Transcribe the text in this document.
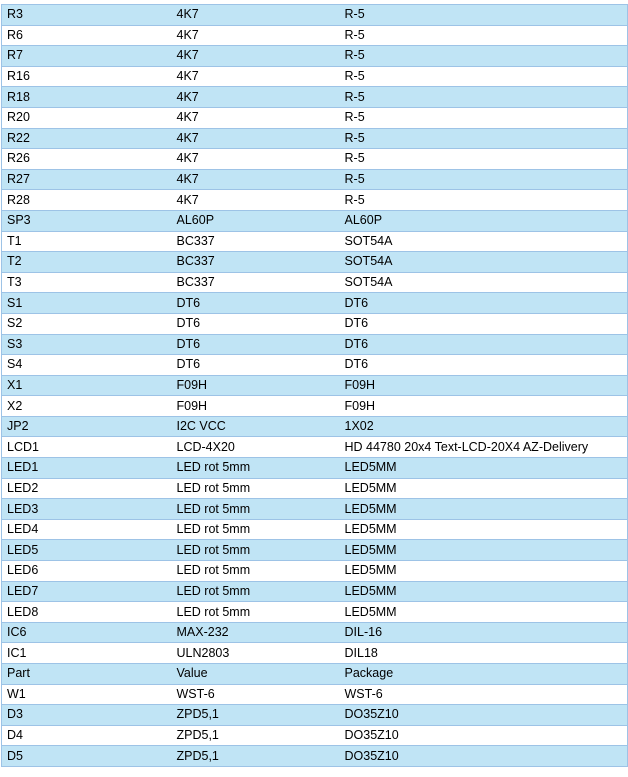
R3	4K7	R-5
R6	4K7	R-5
R7	4K7	R-5
R16	4K7	R-5
R18	4K7	R-5
R20	4K7	R-5
R22	4K7	R-5
R26	4K7	R-5
R27	4K7	R-5
R28	4K7	R-5
SP3	AL60P	AL60P
T1	BC337	SOT54A
T2	BC337	SOT54A
T3	BC337	SOT54A
S1	DT6	DT6
S2	DT6	DT6
S3	DT6	DT6
S4	DT6	DT6
X1	F09H	F09H
X2	F09H	F09H
JP2	I2C VCC	1X02
LCD1	LCD-4X20	HD 44780 20x4 Text-LCD-20X4 AZ-Delivery
LED1	LED rot 5mm	LED5MM
LED2	LED rot 5mm	LED5MM
LED3	LED rot 5mm	LED5MM
LED4	LED rot 5mm	LED5MM
LED5	LED rot 5mm	LED5MM
LED6	LED rot 5mm	LED5MM
LED7	LED rot 5mm	LED5MM
LED8	LED rot 5mm	LED5MM
IC6	MAX-232	DIL-16
IC1	ULN2803	DIL18
Part	Value	Package
W1	WST-6	WST-6
D3	ZPD5,1	DO35Z10
D4	ZPD5,1	DO35Z10
D5	ZPD5,1	DO35Z10
